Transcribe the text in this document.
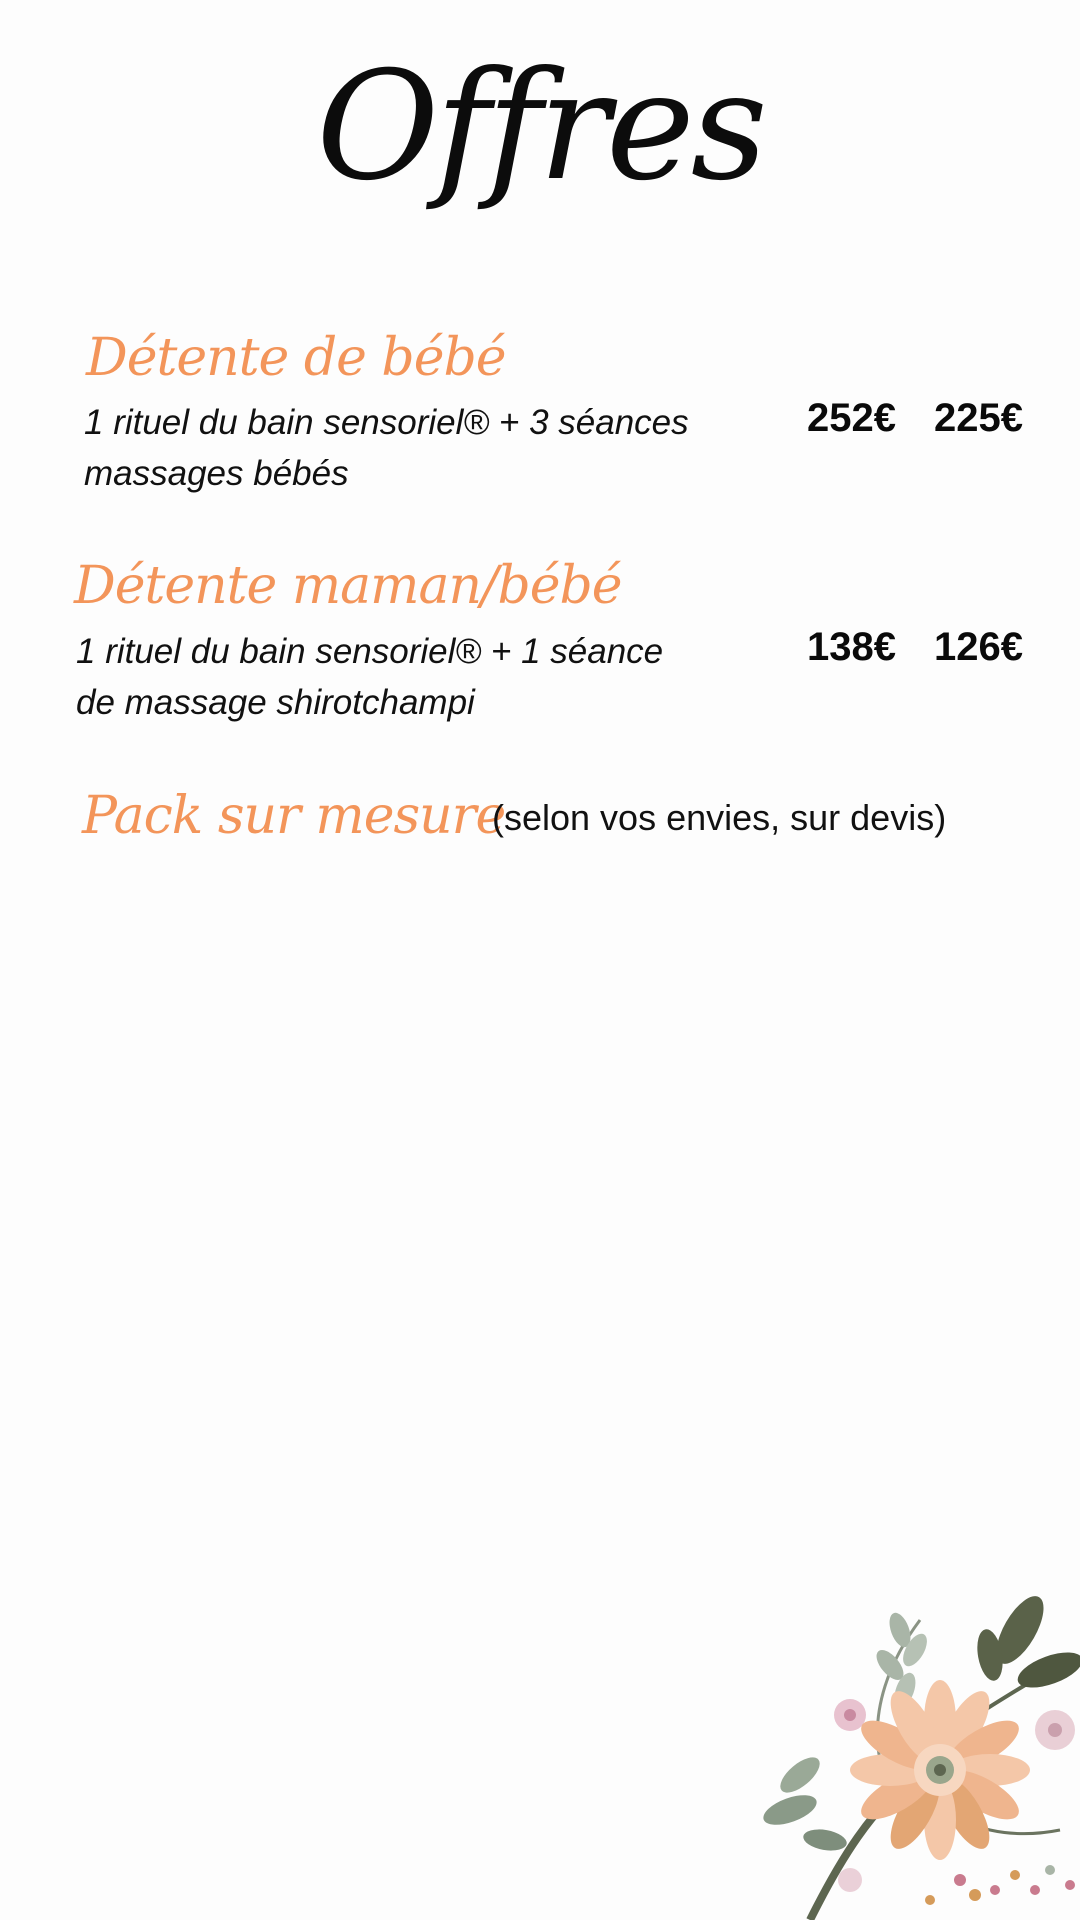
Offres
Détente de bébé
1 rituel du bain sensoriel® + 3 séances
massages bébés
252€ 225€
Détente maman/bébé
1 rituel du bain sensoriel® + 1 séance
de massage shirotchampi
138€ 126€
Pack sur mesure
(selon vos envies, sur devis)
